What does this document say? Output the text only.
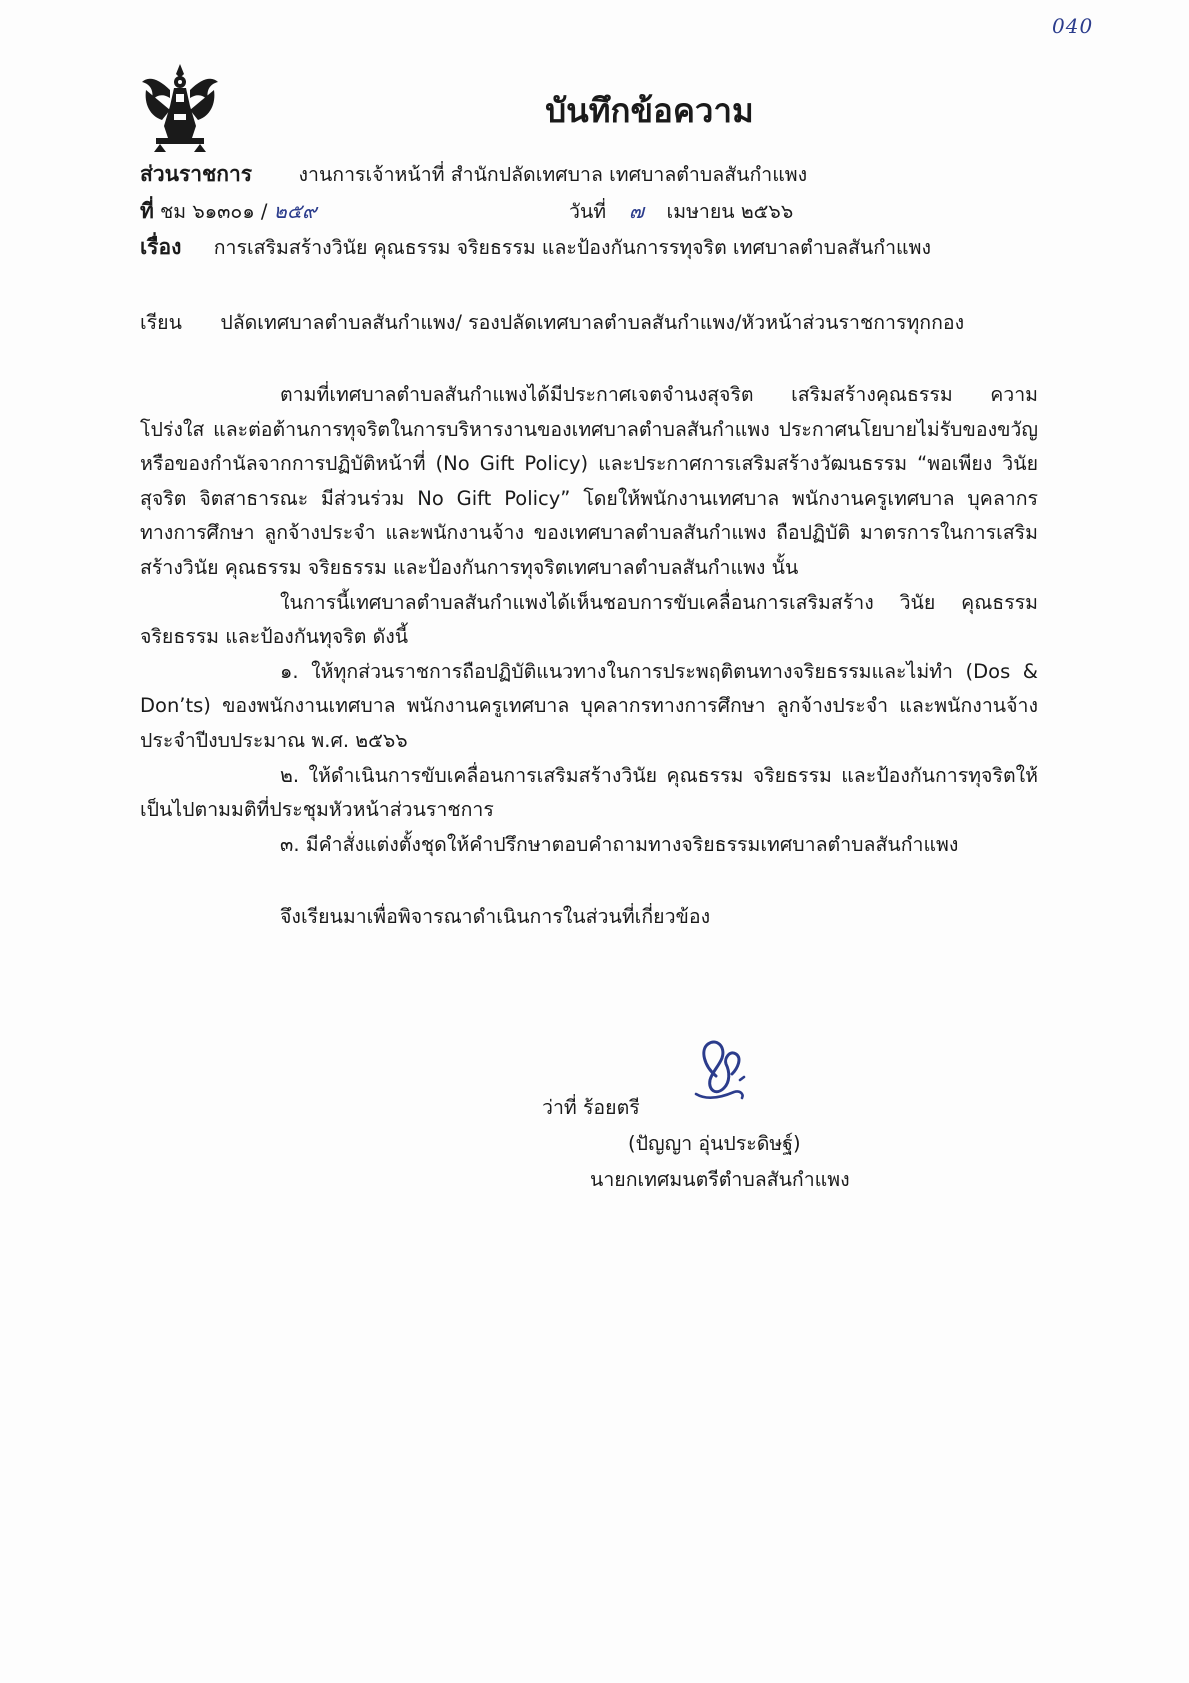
040
บันทึกข้อความ
ส่วนราชการ งานการเจ้าหน้าที่ สำนักปลัดเทศบาล เทศบาลตำบลสันกำแพง
ที่ ชม ๖๑๓๐๑ / ๒๕๙	วันที่ ๗ เมษายน ๒๕๖๖
เรื่อง การเสริมสร้างวินัย คุณธรรม จริยธรรม และป้องกันการรทุจริต เทศบาลตำบลสันกำแพง
เรียน ปลัดเทศบาลตำบลสันกำแพง/ รองปลัดเทศบาลตำบลสันกำแพง/หัวหน้าส่วนราชการทุกกอง

ตามที่เทศบาลตำบลสันกำแพงได้มีประกาศเจตจำนงสุจริต เสริมสร้างคุณธรรม ความโปร่งใส และต่อต้านการทุจริตในการบริหารงานของเทศบาลตำบลสันกำแพง ประกาศนโยบายไม่รับของขวัญหรือของกำนัลจากการปฏิบัติหน้าที่ (No Gift Policy) และประกาศการเสริมสร้างวัฒนธรรม “พอเพียง วินัย สุจริต จิตสาธารณะ มีส่วนร่วม No Gift Policy” โดยให้พนักงานเทศบาล พนักงานครูเทศบาล บุคลากรทางการศึกษา ลูกจ้างประจำ และพนักงานจ้าง ของเทศบาลตำบลสันกำแพง ถือปฏิบัติ มาตรการในการเสริมสร้างวินัย คุณธรรม จริยธรรม และป้องกันการทุจริตเทศบาลตำบลสันกำแพง นั้น

ในการนี้เทศบาลตำบลสันกำแพงได้เห็นชอบการขับเคลื่อนการเสริมสร้าง วินัย คุณธรรม จริยธรรม และป้องกันทุจริต ดังนี้

๑. ให้ทุกส่วนราชการถือปฏิบัติแนวทางในการประพฤติตนทางจริยธรรมและไม่ทำ (Dos & Don’ts) ของพนักงานเทศบาล พนักงานครูเทศบาล บุคลากรทางการศึกษา ลูกจ้างประจำ และพนักงานจ้าง ประจำปีงบประมาณ พ.ศ. ๒๕๖๖

๒. ให้ดำเนินการขับเคลื่อนการเสริมสร้างวินัย คุณธรรม จริยธรรม และป้องกันการทุจริตให้ เป็นไปตามมติที่ประชุมหัวหน้าส่วนราชการ

๓. มีคำสั่งแต่งตั้งชุดให้คำปรึกษาตอบคำถามทางจริยธรรมเทศบาลตำบลสันกำแพง

จึงเรียนมาเพื่อพิจารณาดำเนินการในส่วนที่เกี่ยวข้อง

ว่าที่ ร้อยตรี
(ปัญญา อุ่นประดิษฐ์)
นายกเทศมนตรีตำบลสันกำแพง
